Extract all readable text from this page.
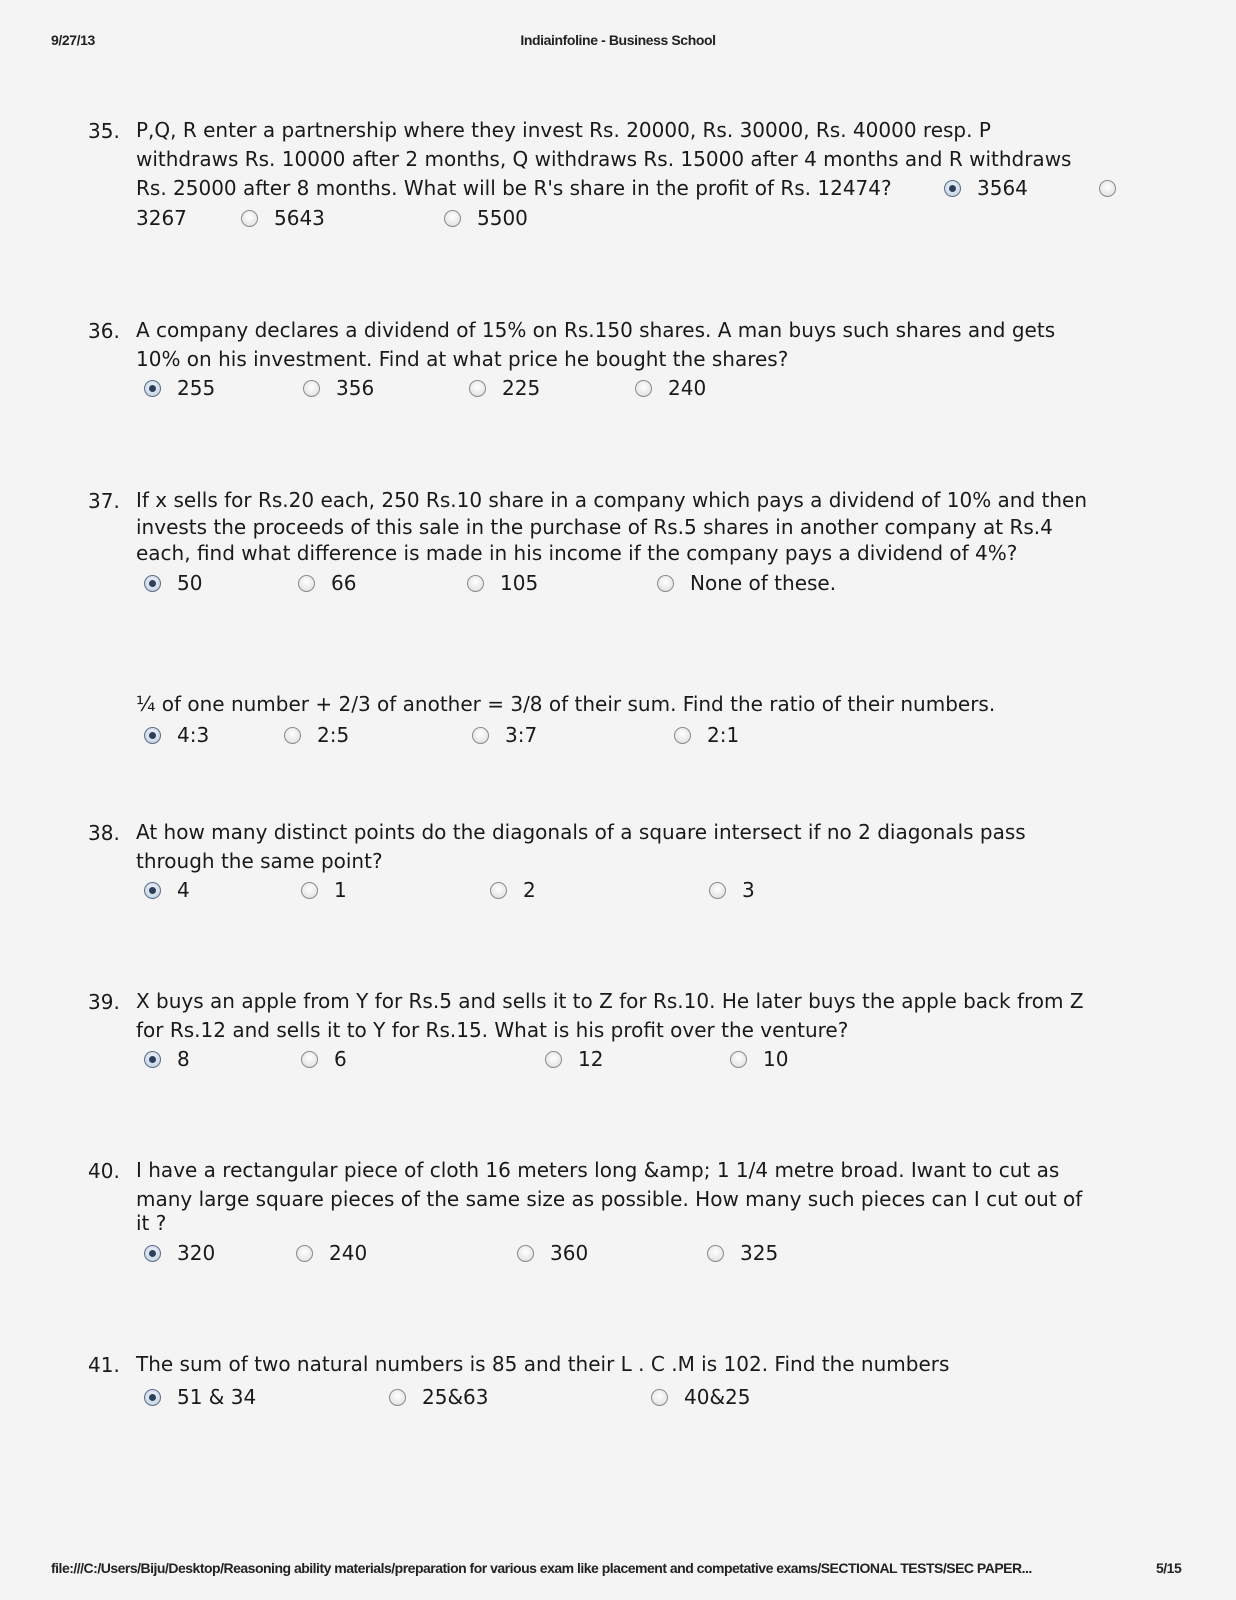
9/27/13	Indiainfoline - Business School
35. P,Q, R enter a partnership where they invest Rs. 20000, Rs. 30000, Rs. 40000 resp. P
withdraws Rs. 10000 after 2 months, Q withdraws Rs. 15000 after 4 months and R withdraws
Rs. 25000 after 8 months. What will be R's share in the profit of Rs. 12474?	3564
3267	5643	5500
36. A company declares a dividend of 15% on Rs.150 shares. A man buys such shares and gets
10% on his investment. Find at what price he bought the shares?
255	356	225	240
37. If x sells for Rs.20 each, 250 Rs.10 share in a company which pays a dividend of 10% and then
invests the proceeds of this sale in the purchase of Rs.5 shares in another company at Rs.4
each, find what difference is made in his income if the company pays a dividend of 4%?
50	66	105	None of these.
¼ of one number + 2/3 of another = 3/8 of their sum. Find the ratio of their numbers.
4:3	2:5	3:7	2:1
38. At how many distinct points do the diagonals of a square intersect if no 2 diagonals pass
through the same point?
4	1	2	3
39. X buys an apple from Y for Rs.5 and sells it to Z for Rs.10. He later buys the apple back from Z
for Rs.12 and sells it to Y for Rs.15. What is his profit over the venture?
8	6	12	10
40. I have a rectangular piece of cloth 16 meters long &amp; 1 1/4 metre broad. Iwant to cut as
many large square pieces of the same size as possible. How many such pieces can I cut out of
it ?
320	240	360	325
41. The sum of two natural numbers is 85 and their L . C .M is 102. Find the numbers
51 & 34	25&63	40&25
file:///C:/Users/Biju/Desktop/Reasoning ability materials/preparation for various exam like placement and competative exams/SECTIONAL TESTS/SEC PAPER...	5/15
